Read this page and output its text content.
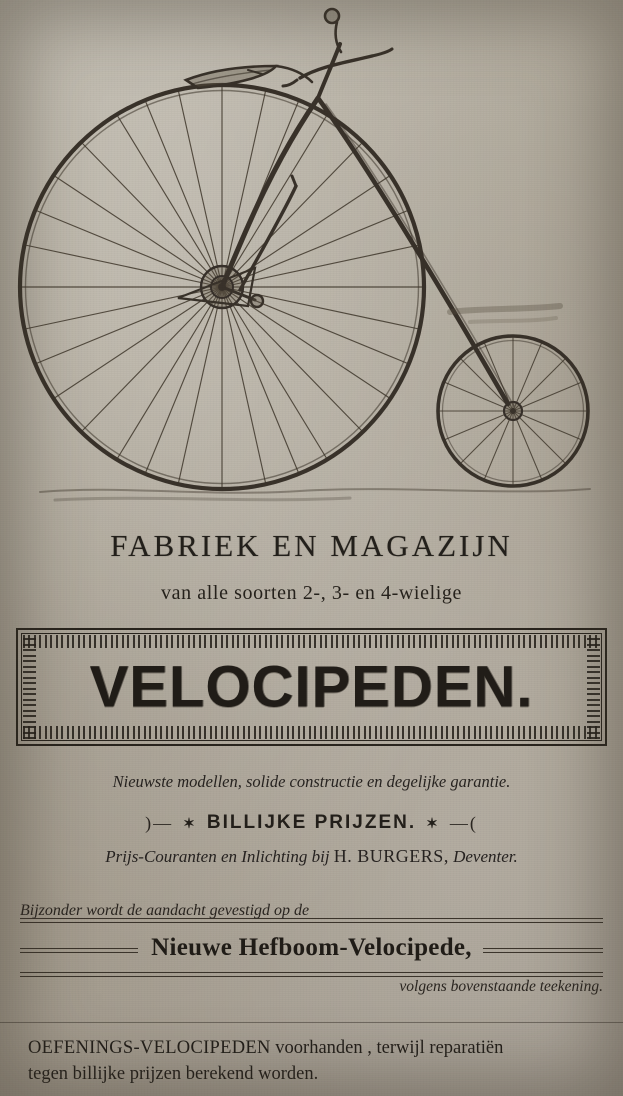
FABRIEK EN MAGAZIJN
van alle soorten 2-, 3- en 4-wielige
VELOCIPEDEN.
Nieuwste modellen, solide constructie en degelijke garantie.
)— ✶ BILLIJKE PRIJZEN. ✶ —(
Prijs-Couranten en Inlichting bij H. BURGERS, Deventer.
Bijzonder wordt de aandacht gevestigd op de
Nieuwe Hefboom-Velocipede,
volgens bovenstaande teekening.
OEFENINGS-VELOCIPEDEN voorhanden , terwijl reparatiën
tegen billijke prijzen berekend worden.
